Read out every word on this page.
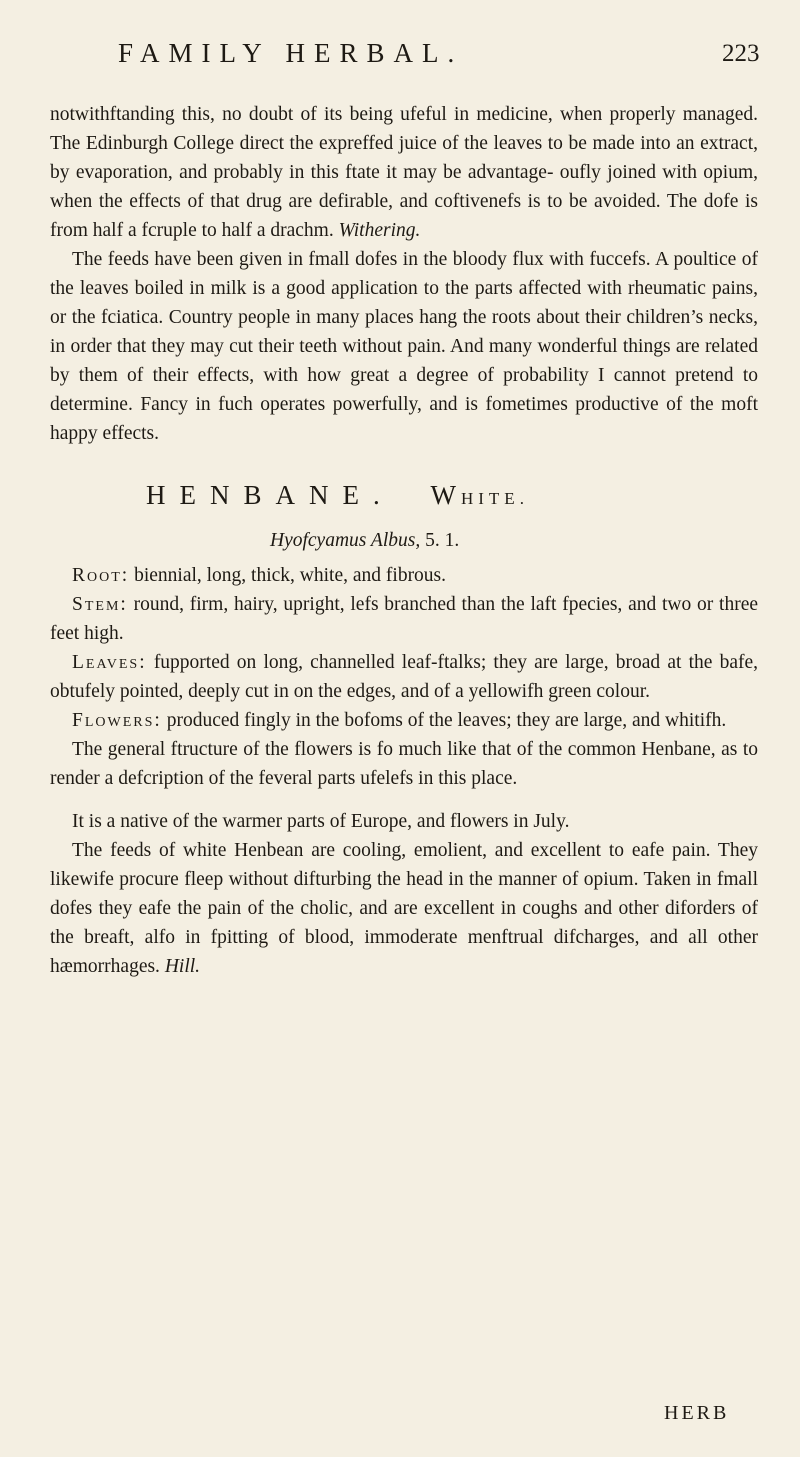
FAMILY HERBAL.	223

notwithftanding this, no doubt of its being ufeful in medicine, when properly managed. The Edinburgh College direct the expreffed juice of the leaves to be made into an extract, by evaporation, and probably in this ftate it may be advantage- oufly joined with opium, when the effects of that drug are defirable, and coftivenefs is to be avoided. The dofe is from half a fcruple to half a drachm. Withering.

The feeds have been given in fmall dofes in the bloody flux with fuccefs. A poultice of the leaves boiled in milk is a good application to the parts affected with rheumatic pains, or the fciatica. Country people in many places hang the roots about their children’s necks, in order that they may cut their teeth without pain. And many wonderful things are related by them of their effects, with how great a degree of probability I cannot pretend to determine. Fancy in fuch operates powerfully, and is fometimes productive of the moft happy effects.

HENBANE. WHITE.
Hyofcyamus Albus, 5. 1.

Root: biennial, long, thick, white, and fibrous.

Stem: round, firm, hairy, upright, lefs branched than the laft fpecies, and two or three feet high.

Leaves: fupported on long, channelled leaf-ftalks; they are large, broad at the bafe, obtufely pointed, deeply cut in on the edges, and of a yellowifh green colour.

Flowers: produced fingly in the bofoms of the leaves; they are large, and whitifh.

The general ftructure of the flowers is fo much like that of the common Henbane, as to render a defcription of the feveral parts ufelefs in this place.

It is a native of the warmer parts of Europe, and flowers in July.

The feeds of white Henbean are cooling, emolient, and excellent to eafe pain. They likewife procure fleep without difturbing the head in the manner of opium. Taken in fmall dofes they eafe the pain of the cholic, and are excellent in coughs and other diforders of the breaft, alfo in fpitting of blood, immoderate menftrual difcharges, and all other hæmorrhages. Hill.

HERB
